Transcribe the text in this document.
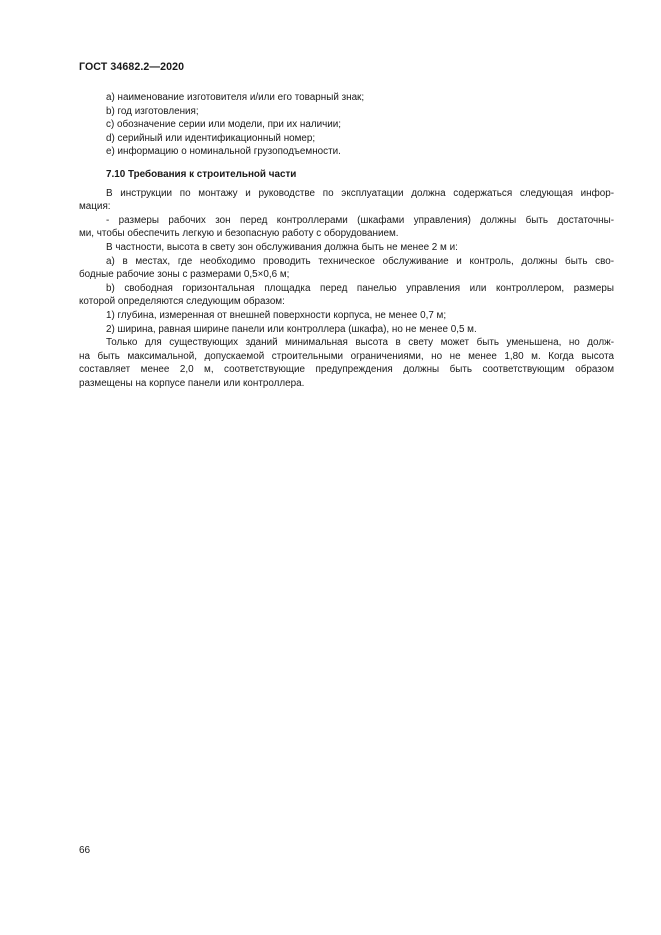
ГОСТ 34682.2—2020
a) наименование изготовителя и/или его товарный знак;
b) год изготовления;
c) обозначение серии или модели, при их наличии;
d) серийный или идентификационный номер;
e) информацию о номинальной грузоподъемности.
7.10 Требования к строительной части
В инструкции по монтажу и руководстве по эксплуатации должна содержаться следующая инфор-
мация:
- размеры рабочих зон перед контроллерами (шкафами управления) должны быть достаточны-
ми, чтобы обеспечить легкую и безопасную работу с оборудованием.
В частности, высота в свету зон обслуживания должна быть не менее 2 м и:
a) в местах, где необходимо проводить техническое обслуживание и контроль, должны быть сво-
бодные рабочие зоны с размерами 0,5×0,6 м;
b) свободная горизонтальная площадка перед панелью управления или контроллером, размеры
которой определяются следующим образом:
1) глубина, измеренная от внешней поверхности корпуса, не менее 0,7 м;
2) ширина, равная ширине панели или контроллера (шкафа), но не менее 0,5 м.
Только для существующих зданий минимальная высота в свету может быть уменьшена, но долж-
на быть максимальной, допускаемой строительными ограничениями, но не менее 1,80 м. Когда высота
составляет менее 2,0 м, соответствующие предупреждения должны быть соответствующим образом
размещены на корпусе панели или контроллера.
66
